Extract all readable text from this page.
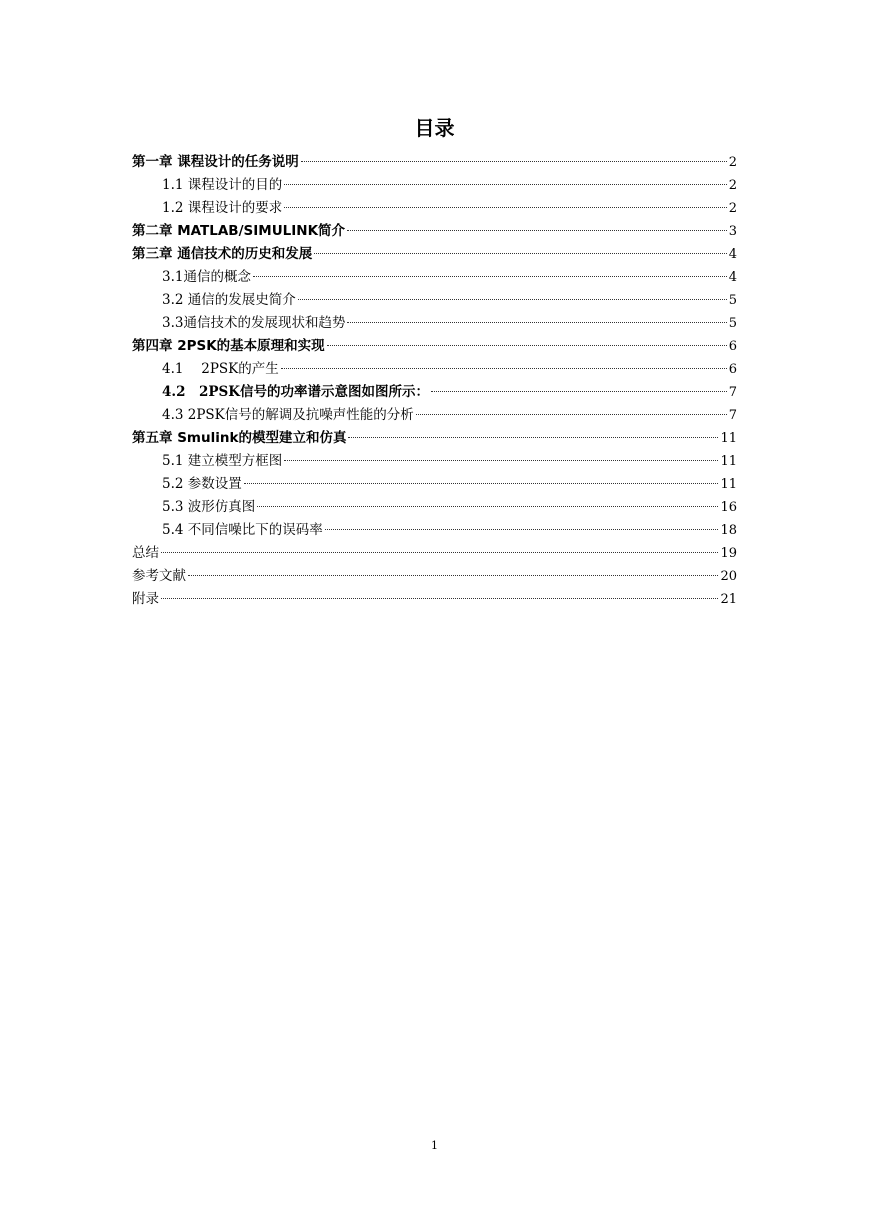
目录
第一章 课程设计的任务说明	2
1.1 课程设计的目的	2
1.2 课程设计的要求	2
第二章 MATLAB/SIMULINK简介	3
第三章 通信技术的历史和发展	4
3.1通信的概念	4
3.2 通信的发展史简介	5
3.3通信技术的发展现状和趋势	5
第四章 2PSK的基本原理和实现	6
4.1　 2PSK的产生	6
4.2　2PSK信号的功率谱示意图如图所示：	7
4.3 2PSK信号的解调及抗噪声性能的分析	7
第五章 Smulink的模型建立和仿真	11
5.1 建立模型方框图	11
5.2 参数设置	11
5.3 波形仿真图	16
5.4 不同信噪比下的误码率	18
总结	19
参考文献	20
附录	21
1
